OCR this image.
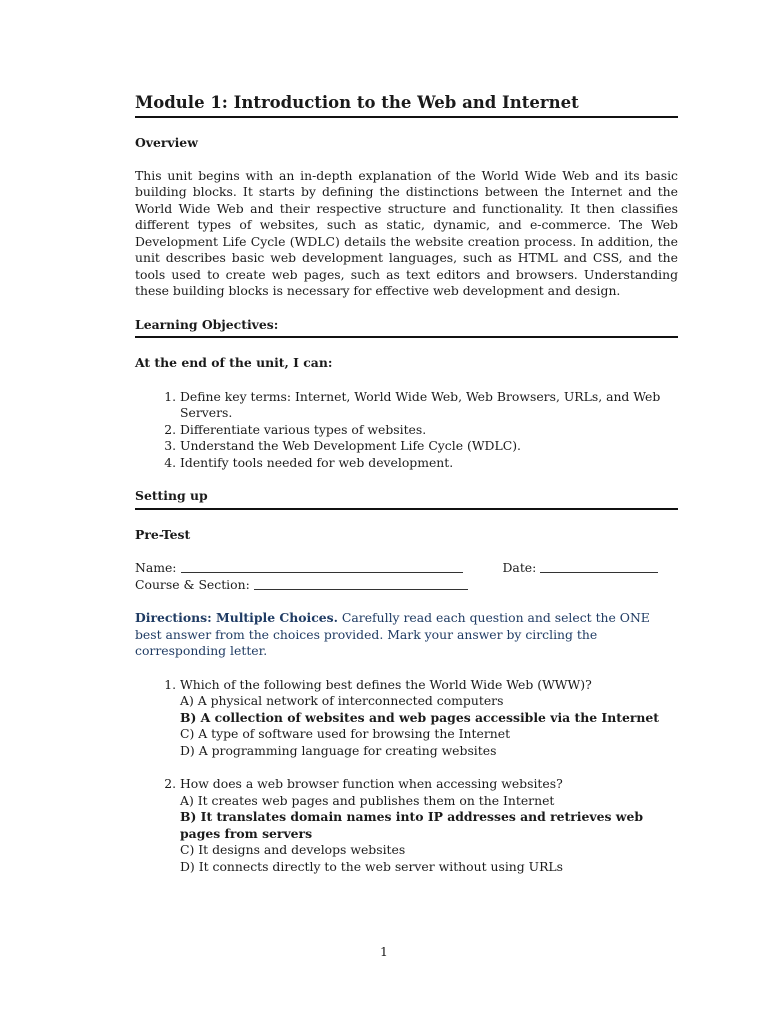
Module 1: Introduction to the Web and Internet

Overview

This unit begins with an in-depth explanation of the World Wide Web and its basic building blocks. It starts by defining the distinctions between the Internet and the World Wide Web and their respective structure and functionality. It then classifies different types of websites, such as static, dynamic, and e-commerce. The Web Development Life Cycle (WDLC) details the website creation process. In addition, the unit describes basic web development languages, such as HTML and CSS, and the tools used to create web pages, such as text editors and browsers. Understanding these building blocks is necessary for effective web development and design.

Learning Objectives:

At the end of the unit, I can:

1. Define key terms: Internet, World Wide Web, Web Browsers, URLs, and Web Servers.
2. Differentiate various types of websites.
3. Understand the Web Development Life Cycle (WDLC).
4. Identify tools needed for web development.

Setting up

Pre-Test

Name:	Date:
Course & Section:

Directions: Multiple Choices. Carefully read each question and select the ONE best answer from the choices provided. Mark your answer by circling the corresponding letter.

1. Which of the following best defines the World Wide Web (WWW)?
A) A physical network of interconnected computers
B) A collection of websites and web pages accessible via the Internet
C) A type of software used for browsing the Internet
D) A programming language for creating websites
2. How does a web browser function when accessing websites?
A) It creates web pages and publishes them on the Internet
B) It translates domain names into IP addresses and retrieves web pages from servers
C) It designs and develops websites
D) It connects directly to the web server without using URLs
1
